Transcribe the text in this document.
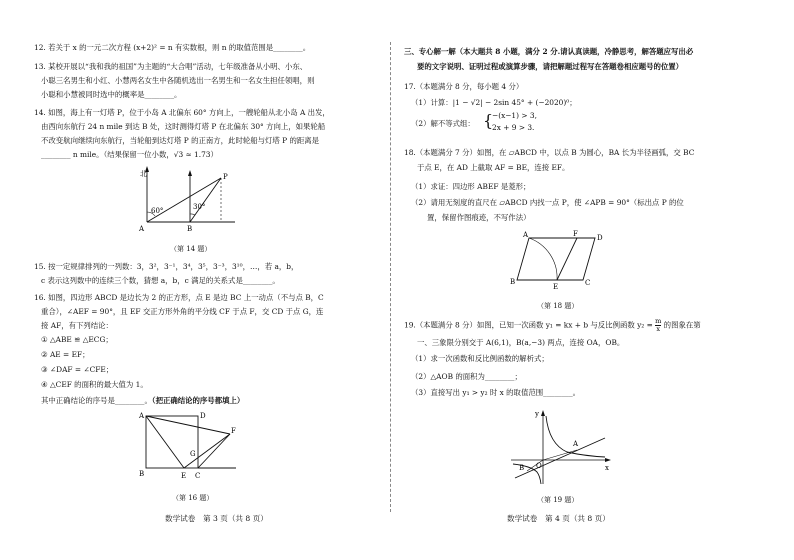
12. 若关于 x 的一元二次方程 (x+2)² = n 有实数根，则 n 的取值范围是________。
13. 某校开展以“我和我的祖国”为主题的“大合唱”活动，七年级准备从小明、小东、
小聪三名男生和小红、小慧两名女生中各随机选出一名男生和一名女生担任领唱，则
小聪和小慧被同时选中的概率是________。
14. 如图，海上有一灯塔 P，位于小岛 A 北偏东 60° 方向上，一艘轮船从北小岛 A 出发，
由西向东航行 24 n mile 到达 B 处，这时测得灯塔 P 在北偏东 30° 方向上，如果轮船
不改变航向继续向东航行，当轮船到达灯塔 P 的正南方，此时轮船与灯塔 P 的距离是
________ n mile。（结果保留一位小数，√3 ≈ 1.73）
北
60°	30°
P
A	B
（第 14 题）
15. 按一定规律排列的一列数：3，3²，3⁻¹，3⁴，3⁵，3⁻³，3¹⁰，…，若 a，b，
c 表示这列数中的连续三个数，猜想 a，b，c 满足的关系式是________。
16. 如图，四边形 ABCD 是边长为 2 的正方形，点 E 是边 BC 上一动点（不与点 B，C
重合），∠AEF = 90°，且 EF 交正方形外角的平分线 CF 于点 F，交 CD 于点 G，连
接 AF，有下列结论：
① △ABE ≌ △ECG；
② AE = EF；
③ ∠DAF = ∠CFE；
④ △CEF 的面积的最大值为 1。
其中正确结论的序号是________。（把正确结论的序号都填上）
A	D
F
G
B	E C
（第 16 题）
数学试卷　第 3 页（共 8 页）
三、专心解一解（本大题共 8 小题，满分 2 分.请认真读题，冷静思考，解答题应写出必
要的文字说明、证明过程或演算步骤，请把解题过程写在答题卷相应题号的位置）
17.（本题满分 8 分，每小题 4 分）
（1）计算：|1 − √2| − 2sin 45° + (−2020)⁰；
（2）解不等式组： {
−(x−1) > 3,
2x + 9 > 3.
18.（本题满分 7 分）如图，在 ▱ABCD 中，以点 B 为圆心，BA 长为半径画弧，交 BC
于点 E，在 AD 上截取 AF = BE，连接 EF。
（1）求证：四边形 ABEF 是菱形；
（2）请用无刻度的直尺在 ▱ABCD 内找一点 P，使 ∠APB = 90°（标出点 P 的位
置，保留作图痕迹，不写作法）
A	F	D
B
E	C
（第 18 题）
19.（本题满分 8 分）如图，已知一次函数 y₁ = kx + b 与反比例函数 $y_2 = \frac{m}{x}$ 的图象在第
一、三象限分别交于 A(6,1)，B(a,−3) 两点，连接 OA，OB。
（1）求一次函数和反比例函数的解析式；
（2）△AOB 的面积为________；
（3）直接写出 y₁ > y₂ 时 x 的取值范围________。
y
x
O
A
B
（第 19 题）
数学试卷　第 4 页（共 8 页）
